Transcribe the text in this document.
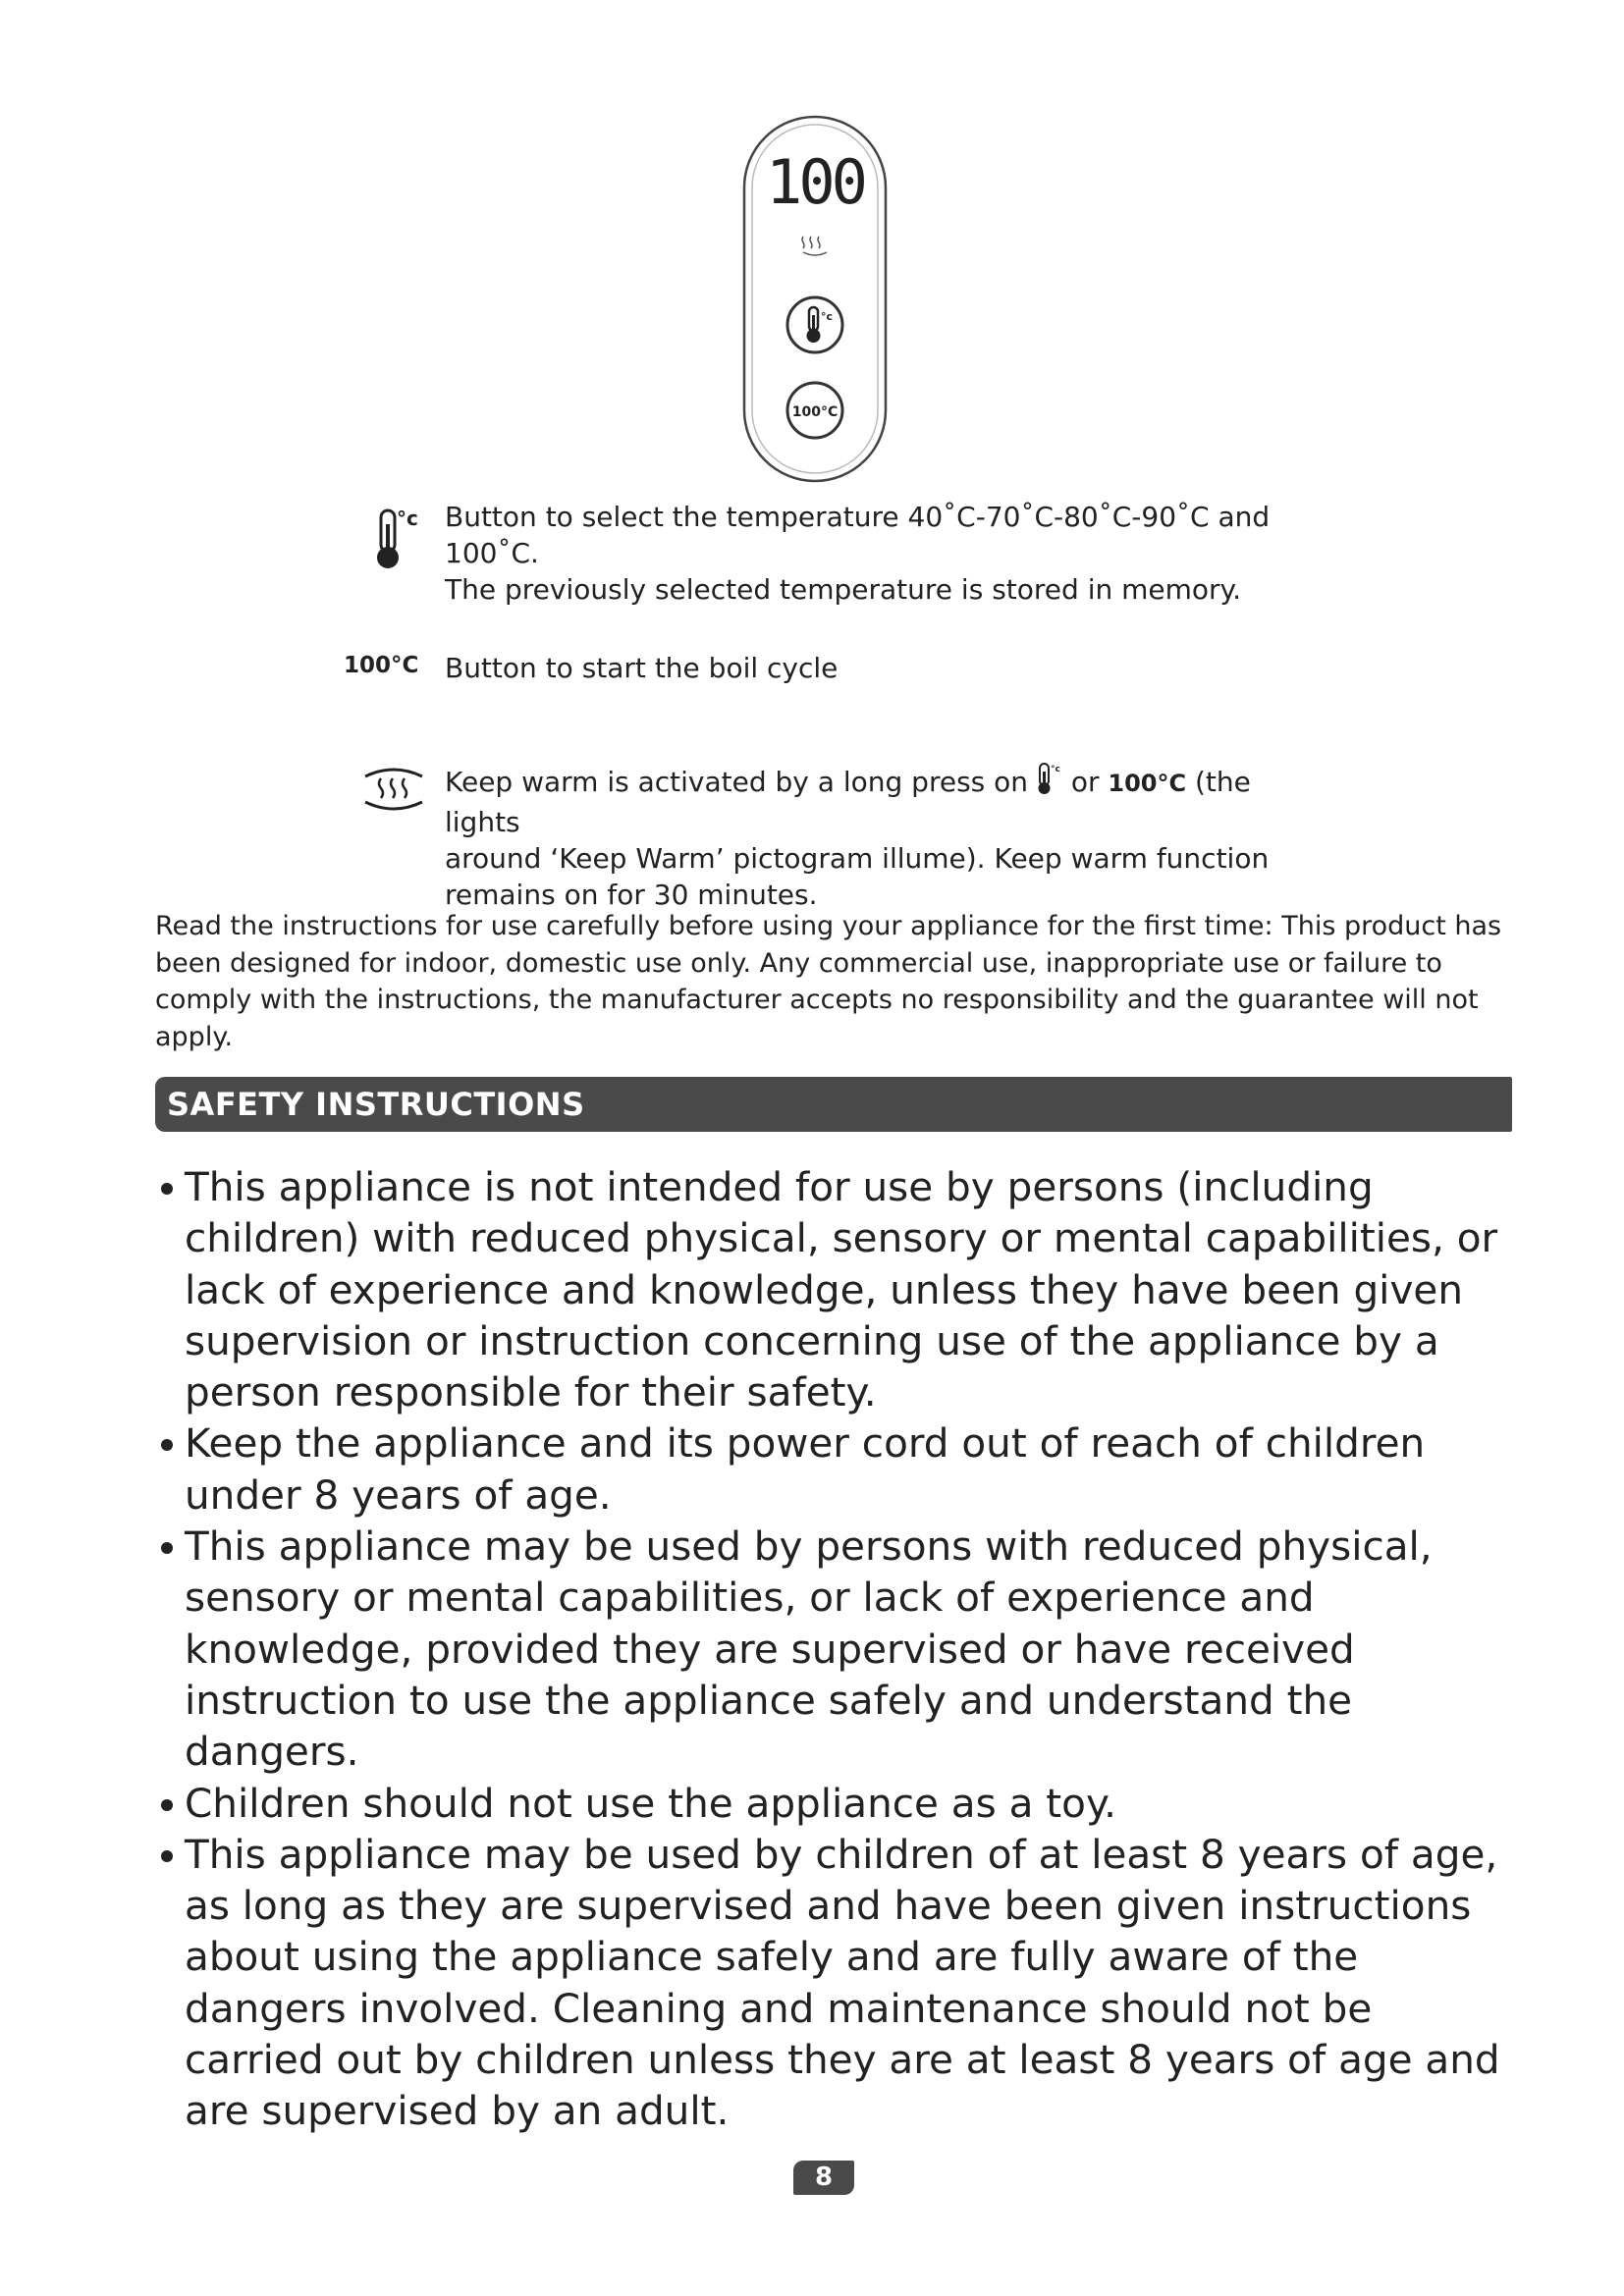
100
°c
100°C
°c Button to select the temperature 40˚C-70˚C-80˚C-90˚C and 100˚C.
The previously selected temperature is stored in memory.
100°C Button to start the boil cycle
Keep warm is activated by a long press on °c or 100°C (the lights
around ‘Keep Warm’ pictogram illume). Keep warm function
remains on for 30 minutes.
Read the instructions for use carefully before using your appliance for the first time: This product has been designed for indoor, domestic use only. Any commercial use, inappropriate use or failure to comply with the instructions, the manufacturer accepts no responsibility and the guarantee will not apply.
SAFETY INSTRUCTIONS
This appliance is not intended for use by persons (including children) with reduced physical, sensory or mental capabilities, or lack of experience and knowledge, unless they have been given supervision or instruction concerning use of the appliance by a person responsible for their safety.
Keep the appliance and its power cord out of reach of children under 8 years of age.
This appliance may be used by persons with reduced physical, sensory or mental capabilities, or lack of experience and knowledge, provided they are supervised or have received instruction to use the appliance safely and understand the dangers.
Children should not use the appliance as a toy.
This appliance may be used by children of at least 8 years of age, as long as they are supervised and have been given instructions about using the appliance safely and are fully aware of the dangers involved. Cleaning and maintenance should not be carried out by children unless they are at least 8 years of age and are supervised by an adult.
8
